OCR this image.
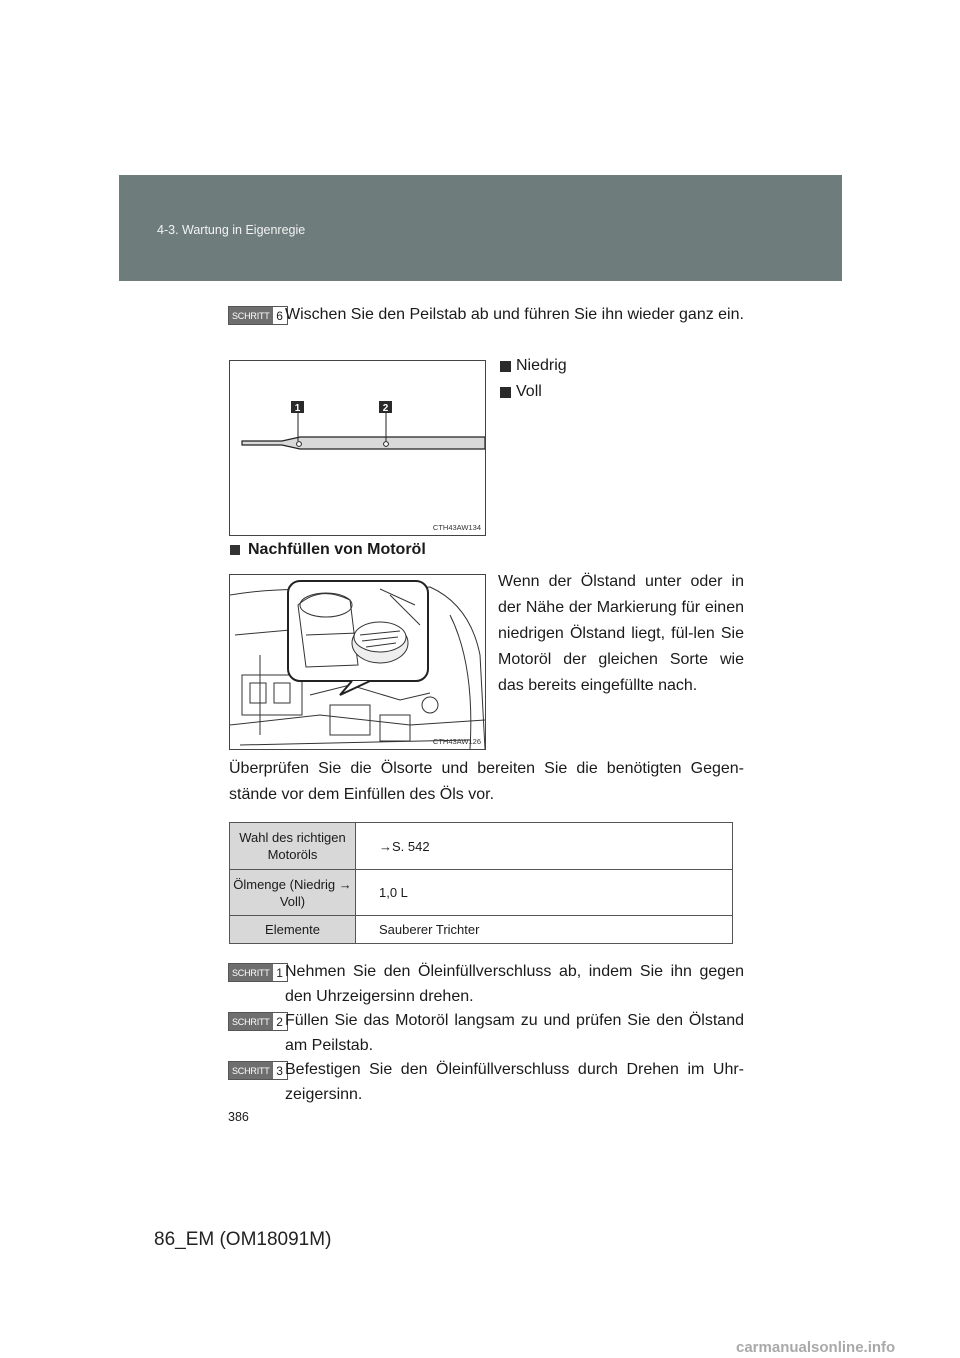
4-3. Wartung in Eigenregie
SCHRITT 6 Wischen Sie den Peilstab ab und führen Sie ihn wieder ganz ein.
1	2
CTH43AW134
Niedrig
Voll
Nachfüllen von Motoröl
CTH43AW126
Wenn der Ölstand unter oder in der Nähe der Markierung für einen niedrigen Ölstand liegt, fül-len Sie Motoröl der gleichen Sorte wie das bereits eingefüllte nach.
Überprüfen Sie die Ölsorte und bereiten Sie die benötigten Gegen-stände vor dem Einfüllen des Öls vor.
Wahl des richtigen Motoröls	→S. 542
Ölmenge (Niedrig → Voll)	1,0 L
Elemente	Sauberer Trichter
SCHRITT 1 Nehmen Sie den Öleinfüllverschluss ab, indem Sie ihn gegen den Uhrzeigersinn drehen.
SCHRITT 2 Füllen Sie das Motoröl langsam zu und prüfen Sie den Ölstand am Peilstab.
SCHRITT 3 Befestigen Sie den Öleinfüllverschluss durch Drehen im Uhr-zeigersinn.
386
86_EM (OM18091M)
carmanualsonline.info
